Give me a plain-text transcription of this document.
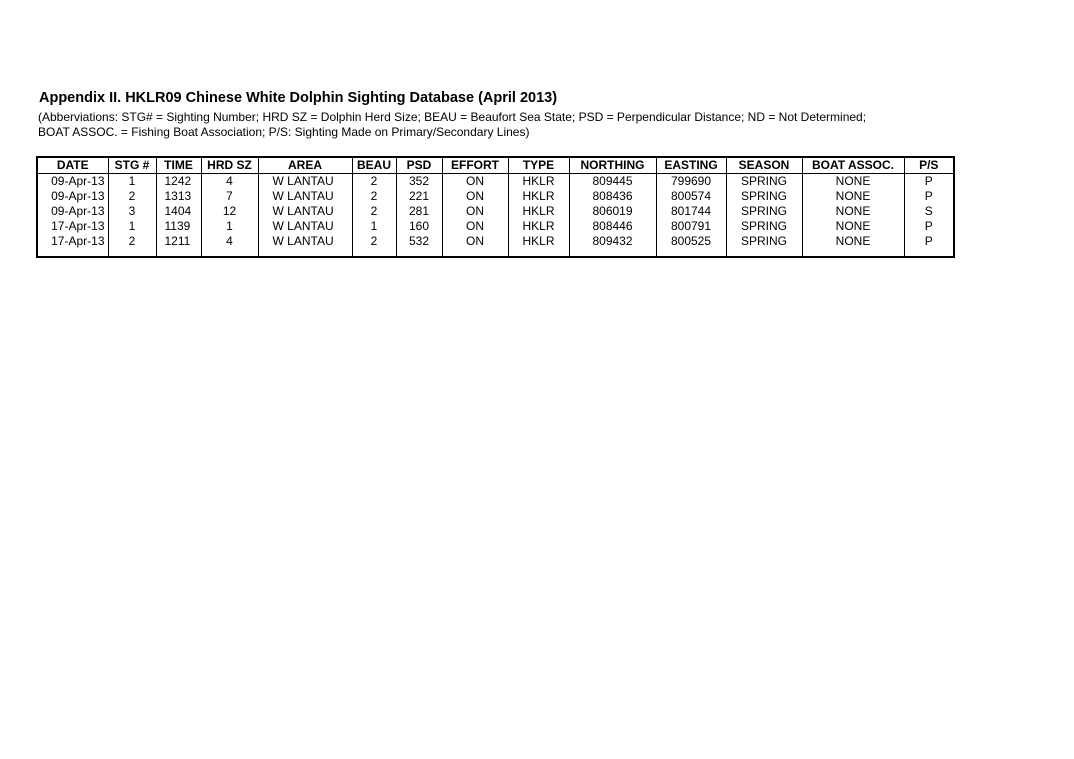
Appendix II. HKLR09 Chinese White Dolphin Sighting Database (April 2013)
(Abberviations: STG# = Sighting Number; HRD SZ = Dolphin Herd Size; BEAU = Beaufort Sea State; PSD = Perpendicular Distance; ND = Not Determined;
BOAT ASSOC. = Fishing Boat Association; P/S: Sighting Made on Primary/Secondary Lines)
DATE	STG #	TIME	HRD SZ	AREA	BEAU	PSD	EFFORT	TYPE	NORTHING	EASTING	SEASON	BOAT ASSOC.	P/S
09-Apr-13	1	1242	4	W LANTAU	2	352	ON	HKLR	809445	799690	SPRING	NONE	P
09-Apr-13	2	1313	7	W LANTAU	2	221	ON	HKLR	808436	800574	SPRING	NONE	P
09-Apr-13	3	1404	12	W LANTAU	2	281	ON	HKLR	806019	801744	SPRING	NONE	S
17-Apr-13	1	1139	1	W LANTAU	1	160	ON	HKLR	808446	800791	SPRING	NONE	P
17-Apr-13	2	1211	4	W LANTAU	2	532	ON	HKLR	809432	800525	SPRING	NONE	P
